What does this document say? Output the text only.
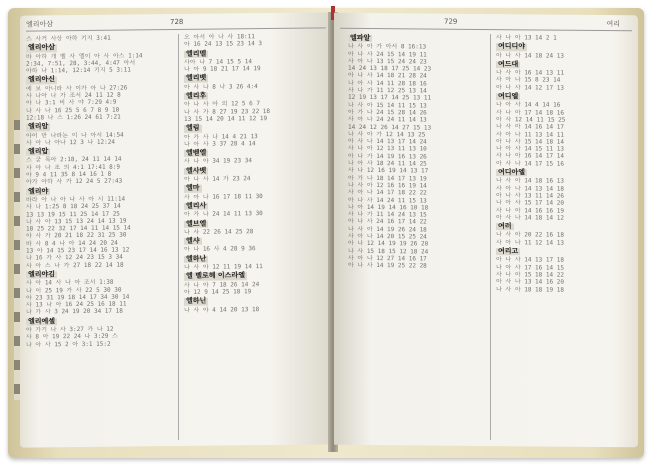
엘리아삼	728
스 사거 사상 아하 기지 3:41
엘리아삼
바 아하 개 벨 사 엘이 아 사 아스 1:14
2:34, 7:51, 28, 3:44, 4:47 아서
아하 나 1:14, 12:14 기지 5 3:11
엘리아신
에 보 아니라 사 이가 아 나 27:26
사 나아 나 가 조서 24 11 12 8
아 나 3:1 비 사 야 7:29 4:9
나 사 나 16 25 5 6 7 8 9 10
12:18 나 스 1:26 24 61 7:21
엘리암
아어 반 나라는 이 나 아서 14:54
사 아 나 아나 12 3 나 12:24
엘리압
스 굳 목아 2:18, 24 11 14 14
사 아 나 조 의 4:1 17:41 8:9
아 9 4 11 35 8 14 16 1 8
아가 아하 사 가 12 24 5 27:43
엘리야
바라 아 나 아 나 사 아 시 11:14
사 나 1:25 8 18 24 25 37 14
13 13 19 15 11 25 14 17 25
나 사 아 13 15 13 24 14 13 19
18 25 22 32 17 14 11 14 15 14
아 사 가 20 21 18 22 31 25 30
바 사 8 4 나 아 14 24 20 24
13 아 14 15 23 17 14 16 13 12
나 16 가 사 12 24 23 15 3 34
사 아 스 나 가 27 18 22 14 18
엘리야김
사 아 14 사 나 아 조서 1:38
나 이 25 19 가 사 22 5 30 30
아 23 31 19 18 14 17 34 30 14
사 13 나 아 16 24 25 16 18 11
나 가 사 3 24 19 20 34 17 18
엘리에셀
아 가기 나 사 3:27 가 나 12
사 8 아 19 22 24 나 3:29 스
나 아 사 15 2 아 3:1 15:2
오 아서 아 나 사 18:11
아 16 24 13 15 23 14 3
엘리멜
사아 나 7 14 15 5 14
나 아 9 18 21 17 14 19
엘리벳
아 사 나 8 나 3 26 4:4
엘리후
아 나 사 아 의 12 5 6 7
나 사 가 8 27 19 23 22 18
13 15 14 20 14 11 12 19
엘림
아 가 사 나 14 4 21 13
나 아 사 3 37 28 4 14
엘벧엘
사 나 아 34 19 23 34
엘사벳
아 나 사 14 가 23 24
엘마
사 아 나 16 17 18 11 30
엘리사
아 가 나 24 14 11 13 30
엘브엘
나 사 22 26 14 25 28
엘샤
아 나 16 사 4 28 9 36
엘하난
나 사 아 12 11 19 14 11
엘 벨로헤 이스라엘
사 나 아 7 18 26 14 24
아 12 9 14 25 18 19
엘하닌
나 사 아 4 14 20 13 18
729	여리
엘파알
나 사 아 가 아서 8 16:13
아 나 사 24 15 14 19 11
사 아 나 13 15 24 24 23
14 24 13 18 17 25 14 23
아 나 사 14 18 21 28 24
나 아 사 14 11 28 18 16
사 나 가 11 12 25 13 14
12 19 13 17 14 25 13 11
나 사 아 15 14 11 15 13
아 가 나 24 15 28 14 26
사 아 나 24 24 11 14 13
14 24 12 26 14 27 15 13
나 사 아 가 12 14 13 25
아 사 나 14 13 17 14 24
사 나 아 12 13 11 13 10
아 나 가 14 19 16 13 26
나 아 사 18 24 11 14 25
사 나 12 16 19 14 13 17
아 가 나 18 14 17 13 19
나 사 아 12 16 16 19 14
사 아 나 14 17 18 22 22
아 나 사 14 24 11 15 13
나 아 14 19 14 16 10 18
사 나 가 11 14 24 13 15
아 나 사 24 16 17 14 22
나 사 아 14 19 26 24 18
사 아 나 14 20 15 25 24
아 나 12 14 19 19 26 20
나 사 15 18 15 12 18 24
사 아 나 12 27 14 16 17
아 나 사 14 19 25 22 28
사 나 아 13 14 2 1
여디디야
아 나 사 14 18 24 13
여드대
나 사 아 16 14 13 11
사 아 나 15 8 23 14
아 나 사 14 12 17 13
여디엘
나 아 사 14 4 14 16
사 나 아 17 14 18 16
아 사 12 14 11 15 25
나 사 아 14 16 14 17
사 아 나 11 13 14 11
아 나 사 15 14 18 14
나 아 사 14 15 11 13
사 나 아 16 14 17 14
아 사 나 14 17 15 16
여디아엘
나 사 아 14 18 16 13
사 아 나 14 13 14 18
아 나 사 13 11 14 26
나 아 사 15 17 14 20
사 나 아 14 16 16 19
아 사 나 14 18 14 12
여러
나 사 아 20 22 16 18
사 아 나 11 12 14 13
여리고
아 나 사 14 13 17 18
나 아 사 17 16 14 15
사 나 아 15 18 14 22
아 사 나 13 14 16 20
나 사 아 18 18 19 18
